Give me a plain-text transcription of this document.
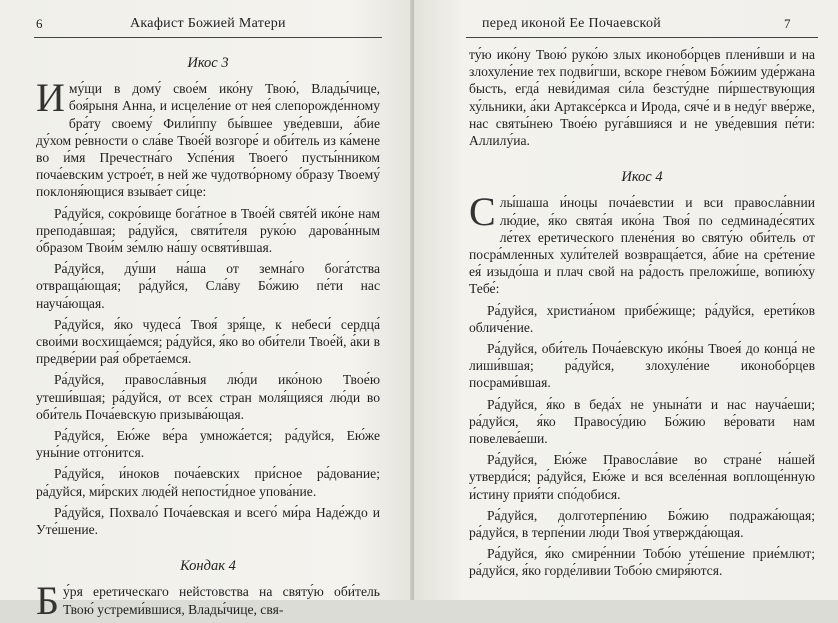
6	Акафист Божией Матери
Икос 3

Иму́щи в дому́ свое́м ико́ну Твою́, Влады́чице, боя́рыня Анна, и исцеле́ние от нея́ слепорожде́нному бра́ту своему́ Фили́ппу бы́вшее уве́девши, а́бие ду́хом ре́вности о сла́ве Твое́й возгоре́ и оби́тель из ка́мене во и́мя Пречестна́го Успе́ния Твоего́ пусты́нником поча́евским устрое́т, в ней же чудотво́рному о́бразу Твоему́ поклоня́ющися взыва́ет си́це:

Ра́дуйся, сокро́вище бога́тное в Твое́й святе́й ико́не нам препода́вшая; ра́дуйся, святи́теля руко́ю дарова́нным о́бразом Твои́м зе́млю на́шу освяти́вшая.

Ра́дуйся, ду́ши на́ша от земна́го бога́тства отвраща́ющая; ра́дуйся, Сла́ву Бо́жию пе́ти нас науча́ющая.

Ра́дуйся, я́ко чудеса́ Твоя́ зря́ще, к небеси́ сердца́ свои́ми восхища́емся; ра́дуйся, я́ко во оби́тели Твое́й, а́ки в предве́рии рая́ обрета́емся.

Ра́дуйся, правосла́вныя лю́ди ико́ною Твое́ю утеши́вшая; ра́дуйся, от всех стран моля́щияся лю́ди во оби́тель Поча́евскую призыва́ющая.

Ра́дуйся, Ею́же ве́ра умножа́ется; ра́дуйся, Ею́же уны́ние отго́нится.

Ра́дуйся, и́ноков поча́евских при́сное ра́дование; ра́дуйся, ми́рских люде́й непости́дное упова́ние.

Ра́дуйся, Похвало́ Поча́евская и всего́ ми́ра Наде́ждо и Уте́шение.

Кондак 4

Бу́ря еретическаго нейстовства на святу́ю оби́тель Твою́ устреми́вшися, Влады́чице, свя-

перед иконой Ее Почаевской	7

ту́ю ико́ну Твою́ руко́ю злых иконобо́рцев плени́вши и на злохуле́ние тех подви́гши, вскоре гне́вом Бо́жиим уде́ржана бысть, егда́ неви́димая си́ла безсту́дне пи́ршествующия ху́льники, а́ки Артаксе́ркса и Ирода, сяче́ и в неду́г вве́рже, нас святы́нею Твое́ю руга́вшияся и не уве́девшия пе́ти: Аллилу́иа.

Икос 4

Слы́шаша и́ноцы поча́евстии и вси правосла́внии лю́дие, я́ко свята́я ико́на Твоя́ по седминаде́сятих ле́тех еретического плене́ния во святу́ю оби́тель от посра́мленных хули́телей возвраща́ется, а́бие на сре́тение ея́ изыдо́ша и плач свой на ра́дость преложи́ше, вопию́ху Тебе́:

Ра́дуйся, христиа́ном прибе́жище; ра́дуйся, ерети́ков обличе́ние.

Ра́дуйся, оби́тель Поча́евскую ико́ны Твоея́ до конца́ не лиши́вшая; ра́дуйся, злохуле́ние иконобо́рцев посрами́вшая.

Ра́дуйся, я́ко в беда́х не унына́ти и нас науча́еши; ра́дуйся, я́ко Правосу́дию Бо́жию ве́ровати нам повелева́еши.

Ра́дуйся, Ею́же Правосла́вие во стране́ на́шей утверди́ся; ра́дуйся, Ею́же и вся вселе́нная воплоще́нную и́стину прия́ти спо́добися.

Ра́дуйся, долготерпе́нию Бо́жию подража́ющая; ра́дуйся, в терпе́нии лю́ди Твоя́ утвержда́ющая.

Ра́дуйся, я́ко смире́ннии Тобо́ю уте́шение прие́млют; ра́дуйся, я́ко горде́ливии Тобо́ю смиря́ются.
